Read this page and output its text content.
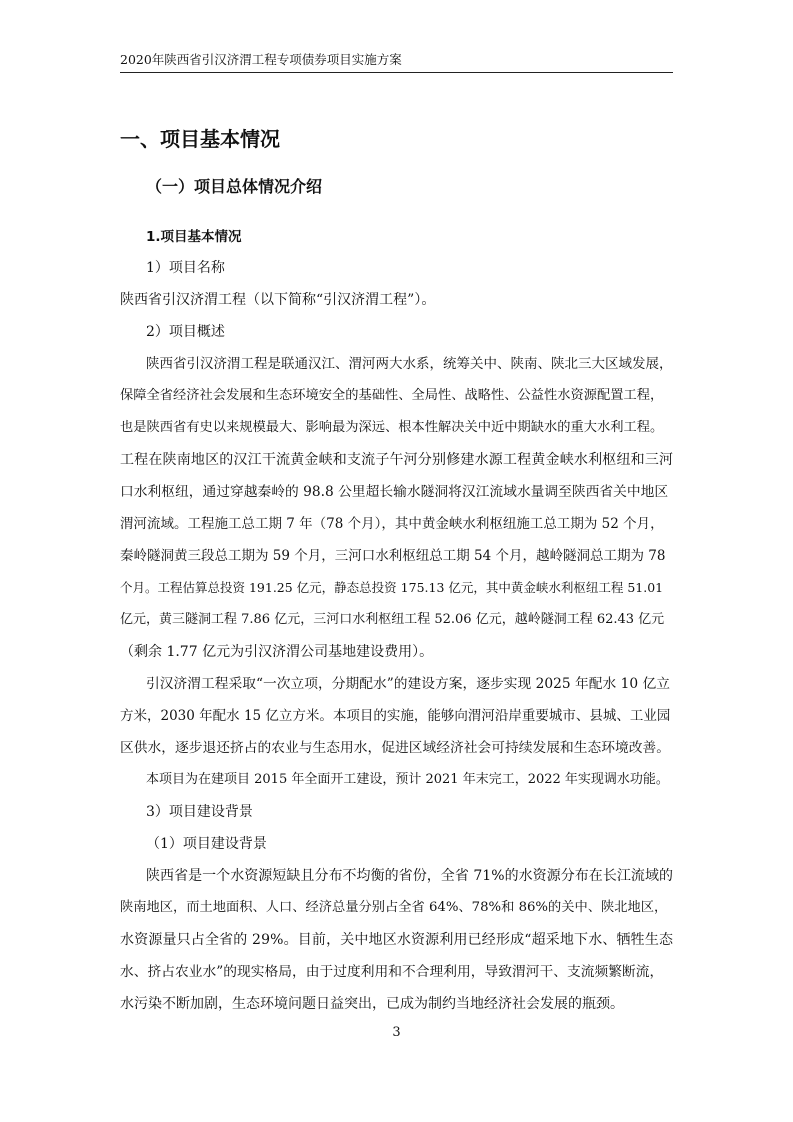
2020年陕西省引汉济渭工程专项债券项目实施方案
一、项目基本情况
（一）项目总体情况介绍
1.项目基本情况
1）项目名称
陕西省引汉济渭工程（以下简称“引汉济渭工程”）。
2）项目概述
陕西省引汉济渭工程是联通汉江、渭河两大水系，统筹关中、陕南、陕北三大区域发展，
保障全省经济社会发展和生态环境安全的基础性、全局性、战略性、公益性水资源配置工程，
也是陕西省有史以来规模最大、影响最为深远、根本性解决关中近中期缺水的重大水利工程。
工程在陕南地区的汉江干流黄金峡和支流子午河分别修建水源工程黄金峡水利枢纽和三河
口水利枢纽，通过穿越秦岭的 98.8 公里超长输水隧洞将汉江流域水量调至陕西省关中地区
渭河流域。工程施工总工期 7 年（78 个月），其中黄金峡水利枢纽施工总工期为 52 个月，
秦岭隧洞黄三段总工期为 59 个月，三河口水利枢纽总工期 54 个月，越岭隧洞总工期为 78
个月。工程估算总投资 191.25 亿元，静态总投资 175.13 亿元，其中黄金峡水利枢纽工程 51.01
亿元，黄三隧洞工程 7.86 亿元，三河口水利枢纽工程 52.06 亿元，越岭隧洞工程 62.43 亿元
（剩余 1.77 亿元为引汉济渭公司基地建设费用）。
引汉济渭工程采取“一次立项，分期配水”的建设方案，逐步实现 2025 年配水 10 亿立
方米，2030 年配水 15 亿立方米。本项目的实施，能够向渭河沿岸重要城市、县城、工业园
区供水，逐步退还挤占的农业与生态用水，促进区域经济社会可持续发展和生态环境改善。
本项目为在建项目 2015 年全面开工建设，预计 2021 年末完工，2022 年实现调水功能。
3）项目建设背景
（1）项目建设背景
陕西省是一个水资源短缺且分布不均衡的省份，全省 71%的水资源分布在长江流域的
陕南地区，而土地面积、人口、经济总量分别占全省 64%、78%和 86%的关中、陕北地区，
水资源量只占全省的 29%。目前，关中地区水资源利用已经形成“超采地下水、牺牲生态
水、挤占农业水”的现实格局，由于过度利用和不合理利用，导致渭河干、支流频繁断流，
水污染不断加剧，生态环境问题日益突出，已成为制约当地经济社会发展的瓶颈。
3
